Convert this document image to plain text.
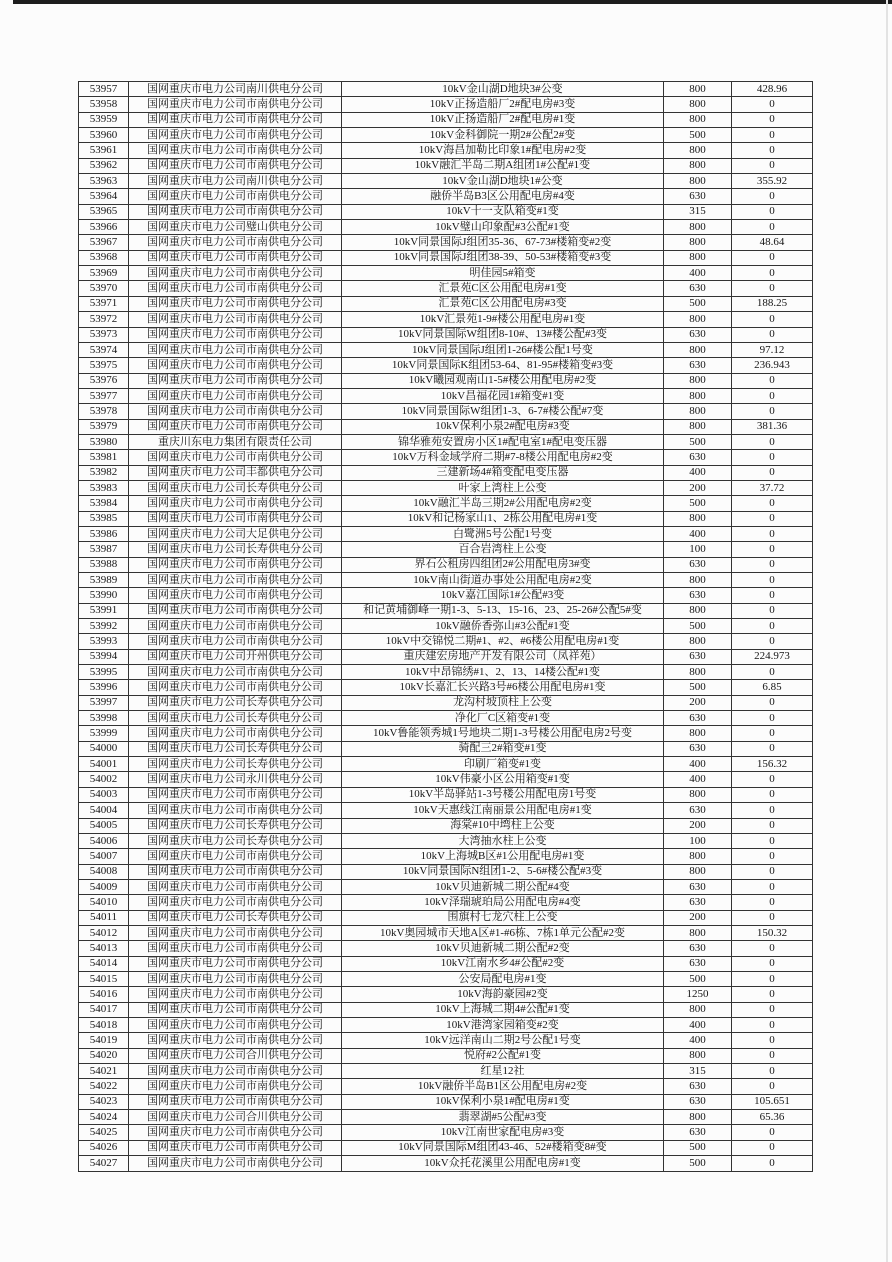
53957	国网重庆市电力公司南川供电分公司	10kV金山湖D地块3#公变	800	428.96
53958	国网重庆市电力公司市南供电分公司	10kV正扬造船厂2#配电房#3变	800	0
53959	国网重庆市电力公司市南供电分公司	10kV正扬造船厂2#配电房#1变	800	0
53960	国网重庆市电力公司市南供电分公司	10kV金科御院一期2#公配2#变	500	0
53961	国网重庆市电力公司市南供电分公司	10kV海昌加勒比印象1#配电房#2变	800	0
53962	国网重庆市电力公司市南供电分公司	10kV融汇半岛二期A组团1#公配#1变	800	0
53963	国网重庆市电力公司南川供电分公司	10kV金山湖D地块1#公变	800	355.92
53964	国网重庆市电力公司市南供电分公司	融侨半岛B3区公用配电房#4变	630	0
53965	国网重庆市电力公司市南供电分公司	10kV十一支队箱变#1变	315	0
53966	国网重庆市电力公司璧山供电分公司	10kV璧山印象配#3公配#1变	800	0
53967	国网重庆市电力公司市南供电分公司	10kV同景国际J组团35-36、67-73#楼箱变#2变	800	48.64
53968	国网重庆市电力公司市南供电分公司	10kV同景国际J组团38-39、50-53#楼箱变#3变	800	0
53969	国网重庆市电力公司市南供电分公司	明佳园5#箱变	400	0
53970	国网重庆市电力公司市南供电分公司	汇景苑C区公用配电房#1变	630	0
53971	国网重庆市电力公司市南供电分公司	汇景苑C区公用配电房#3变	500	188.25
53972	国网重庆市电力公司市南供电分公司	10kV汇景苑1-9#楼公用配电房#1变	800	0
53973	国网重庆市电力公司市南供电分公司	10kV同景国际W组团8-10#、13#楼公配#3变	630	0
53974	国网重庆市电力公司市南供电分公司	10kV同景国际J组团1-26#楼公配1号变	800	97.12
53975	国网重庆市电力公司市南供电分公司	10kV同景国际K组团53-64、81-95#楼箱变#3变	630	236.943
53976	国网重庆市电力公司市南供电分公司	10kV曦园观南山1-5#楼公用配电房#2变	800	0
53977	国网重庆市电力公司市南供电分公司	10kV昌福花园1#箱变#1变	800	0
53978	国网重庆市电力公司市南供电分公司	10kV同景国际W组团1-3、6-7#楼公配#7变	800	0
53979	国网重庆市电力公司市南供电分公司	10kV保利小泉2#配电房#3变	800	381.36
53980	重庆川东电力集团有限责任公司	锦华雅苑安置房小区1#配电室1#配电变压器	500	0
53981	国网重庆市电力公司市南供电分公司	10kV万科金域学府二期#7-8楼公用配电房#2变	630	0
53982	国网重庆市电力公司丰都供电分公司	三建新场4#箱变配电变压器	400	0
53983	国网重庆市电力公司长寿供电分公司	叶家上湾柱上公变	200	37.72
53984	国网重庆市电力公司市南供电分公司	10kV融汇半岛三期2#公用配电房#2变	500	0
53985	国网重庆市电力公司市南供电分公司	10kV和记杨家山1、2栋公用配电房#1变	800	0
53986	国网重庆市电力公司大足供电分公司	白鹭洲5号公配1号变	400	0
53987	国网重庆市电力公司长寿供电分公司	百合岩湾柱上公变	100	0
53988	国网重庆市电力公司市南供电分公司	界石公租房四组团2#公用配电房3#变	630	0
53989	国网重庆市电力公司市南供电分公司	10kV南山街道办事处公用配电房#2变	800	0
53990	国网重庆市电力公司市南供电分公司	10kV嘉江国际1#公配#3变	630	0
53991	国网重庆市电力公司市南供电分公司	和记黄埔御峰一期1-3、5-13、15-16、23、25-26#公配5#变	800	0
53992	国网重庆市电力公司市南供电分公司	10kV融侨香弥山#3公配#1变	500	0
53993	国网重庆市电力公司市南供电分公司	10kV中交锦悦二期#1、#2、#6楼公用配电房#1变	800	0
53994	国网重庆市电力公司开州供电分公司	重庆建宏房地产开发有限公司（凤祥苑）	630	224.973
53995	国网重庆市电力公司市南供电分公司	10kV中昂锦绣#1、2、13、14楼公配#1变	800	0
53996	国网重庆市电力公司市南供电分公司	10kV长嘉汇长兴路3号#6楼公用配电房#1变	500	6.85
53997	国网重庆市电力公司长寿供电分公司	龙沟村坡顶柱上公变	200	0
53998	国网重庆市电力公司长寿供电分公司	净化厂C区箱变#1变	630	0
53999	国网重庆市电力公司市南供电分公司	10kV鲁能领秀城1号地块二期1-3号楼公用配电房2号变	800	0
54000	国网重庆市电力公司长寿供电分公司	骑配三2#箱变#1变	630	0
54001	国网重庆市电力公司长寿供电分公司	印刷厂箱变#1变	400	156.32
54002	国网重庆市电力公司永川供电分公司	10kV伟豪小区公用箱变#1变	400	0
54003	国网重庆市电力公司市南供电分公司	10kV半岛驿站1-3号楼公用配电房1号变	800	0
54004	国网重庆市电力公司市南供电分公司	10kV天惠线江南丽景公用配电房#1变	630	0
54005	国网重庆市电力公司长寿供电分公司	海棠#10中塆柱上公变	200	0
54006	国网重庆市电力公司长寿供电分公司	大湾抽水柱上公变	100	0
54007	国网重庆市电力公司市南供电分公司	10kV上海城B区#1公用配电房#1变	800	0
54008	国网重庆市电力公司市南供电分公司	10kV同景国际N组团1-2、5-6#楼公配#3变	800	0
54009	国网重庆市电力公司市南供电分公司	10kV贝迪新城二期公配#4变	630	0
54010	国网重庆市电力公司市南供电分公司	10kV泽瑞琥珀局公用配电房#4变	630	0
54011	国网重庆市电力公司长寿供电分公司	围旗村七龙穴柱上公变	200	0
54012	国网重庆市电力公司市南供电分公司	10kV奥园城市天地A区#1-#6栋、7栋1单元公配#2变	800	150.32
54013	国网重庆市电力公司市南供电分公司	10kV贝迪新城二期公配#2变	630	0
54014	国网重庆市电力公司市南供电分公司	10kV江南水乡4#公配#2变	630	0
54015	国网重庆市电力公司市南供电分公司	公安局配电房#1变	500	0
54016	国网重庆市电力公司市南供电分公司	10kV海韵豪园#2变	1250	0
54017	国网重庆市电力公司市南供电分公司	10kV上海城二期4#公配#1变	800	0
54018	国网重庆市电力公司市南供电分公司	10kV港湾家园箱变#2变	400	0
54019	国网重庆市电力公司市南供电分公司	10kV远洋南山二期2号公配1号变	400	0
54020	国网重庆市电力公司合川供电分公司	悦府#2公配#1变	800	0
54021	国网重庆市电力公司市南供电分公司	红星12社	315	0
54022	国网重庆市电力公司市南供电分公司	10kV融侨半岛B1区公用配电房#2变	630	0
54023	国网重庆市电力公司市南供电分公司	10kV保利小泉1#配电房#1变	630	105.651
54024	国网重庆市电力公司合川供电分公司	翡翠湖#5公配#3变	800	65.36
54025	国网重庆市电力公司市南供电分公司	10kV江南世家配电房#3变	630	0
54026	国网重庆市电力公司市南供电分公司	10kV同景国际M组团43-46、52#楼箱变8#变	500	0
54027	国网重庆市电力公司市南供电分公司	10kV众托花溪里公用配电房#1变	500	0
